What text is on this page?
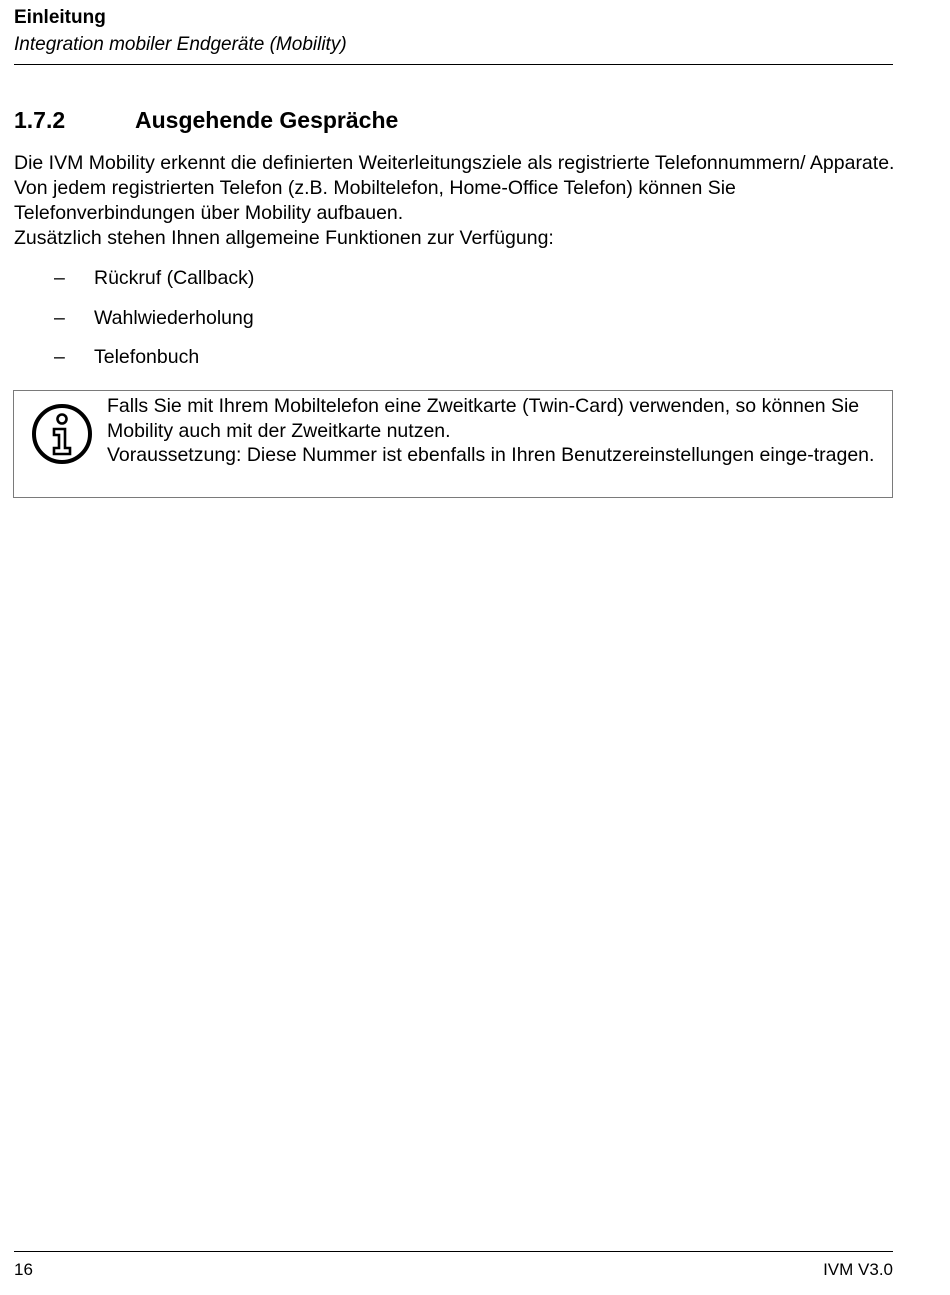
Einleitung
Integration mobiler Endgeräte (Mobility)
1.7.2	Ausgehende Gespräche

Die IVM Mobility erkennt die definierten Weiterleitungsziele als registrierte Telefonnummern/ Apparate. Von jedem registrierten Telefon (z.B. Mobiltelefon, Home-Office Telefon) können Sie Telefonverbindungen über Mobility aufbauen.

Zusätzlich stehen Ihnen allgemeine Funktionen zur Verfügung:

– Rückruf (Callback)
– Wahlwiederholung
– Telefonbuch

Falls Sie mit Ihrem Mobiltelefon eine Zweitkarte (Twin-Card) verwenden, so können Sie Mobility auch mit der Zweitkarte nutzen.

Voraussetzung: Diese Nummer ist ebenfalls in Ihren Benutzereinstellungen einge-tragen.

16	IVM V3.0
